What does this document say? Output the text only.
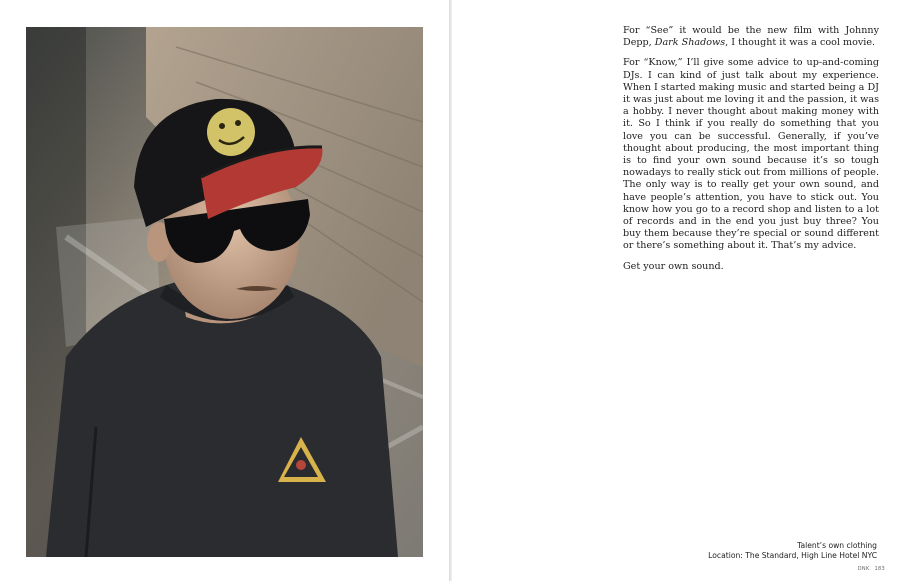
For “See” it would be the new film with Johnny Depp, Dark Shadows, I thought it was a cool movie.

For “Know,” I’ll give some advice to up-and-coming DJs. I can kind of just talk about my experience. When I started making music and started being a DJ it was just about me loving it and the passion, it was a hobby. I never thought about making money with it. So I think if you really do something that you love you can be successful. Generally, if you’ve thought about producing, the most important thing is to find your own sound because it’s so tough nowadays to really stick out from millions of people. The only way is to really get your own sound, and have people’s attention, you have to stick out. You know how you go to a record shop and listen to a lot of records and in the end you just buy three? You buy them because they’re special or sound different or there’s something about it. That’s my advice.

Get your own sound.

Talent’s own clothing
Location: The Standard, High Line Hotel NYC
DNK 183
